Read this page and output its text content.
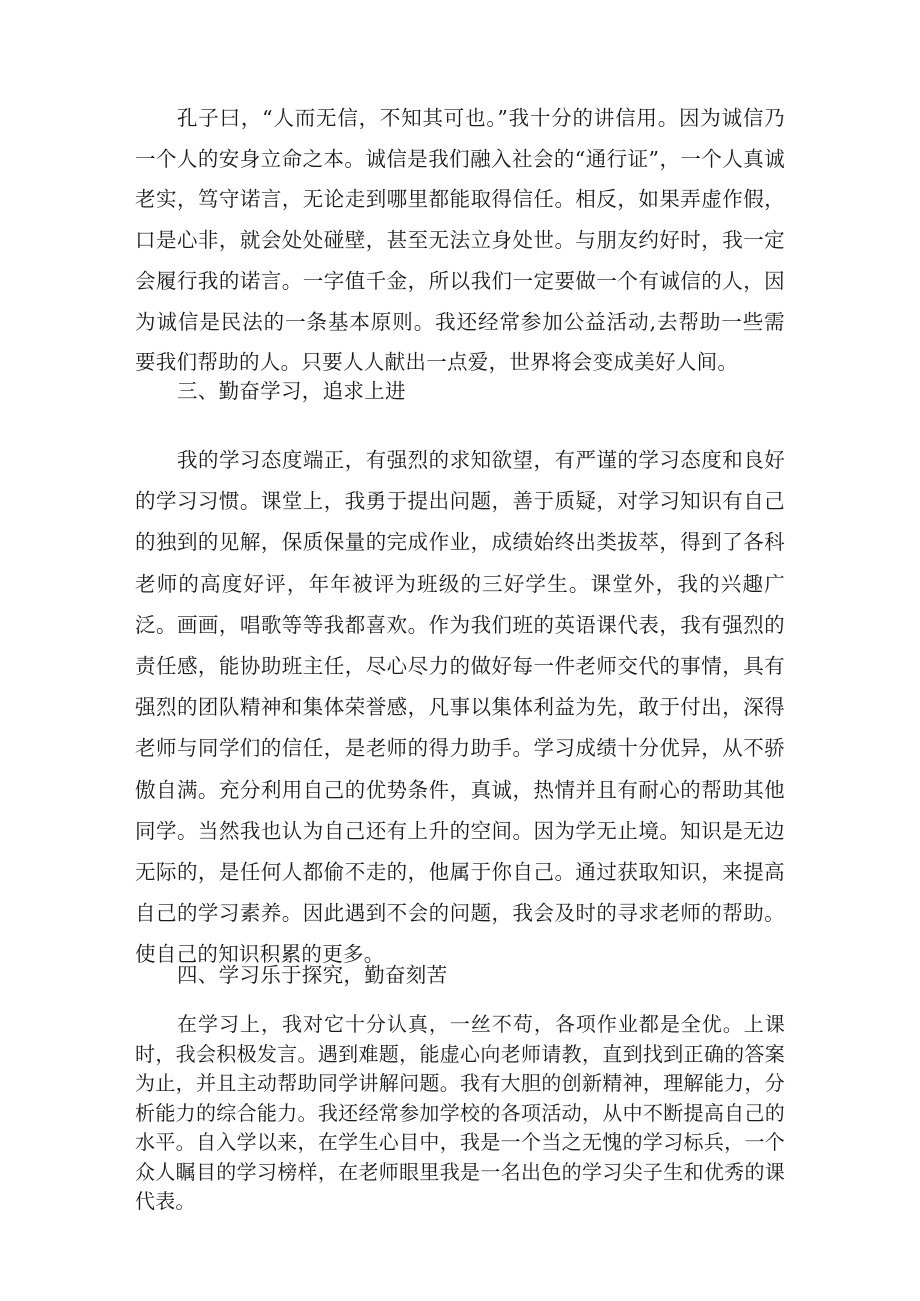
孔子曰，“人而无信，不知其可也。”我十分的讲信用。因为诚信乃一个人的安身立命之本。诚信是我们融入社会的“通行证”，一个人真诚老实，笃守诺言，无论走到哪里都能取得信任。相反，如果弄虚作假，口是心非，就会处处碰壁，甚至无法立身处世。与朋友约好时，我一定会履行我的诺言。一字值千金，所以我们一定要做一个有诚信的人，因为诚信是民法的一条基本原则。我还经常参加公益活动,去帮助一些需要我们帮助的人。只要人人献出一点爱，世界将会变成美好人间。

三、勤奋学习，追求上进

我的学习态度端正，有强烈的求知欲望，有严谨的学习态度和良好的学习习惯。课堂上，我勇于提出问题，善于质疑，对学习知识有自己的独到的见解，保质保量的完成作业，成绩始终出类拔萃，得到了各科老师的高度好评，年年被评为班级的三好学生。课堂外，我的兴趣广泛。画画，唱歌等等我都喜欢。作为我们班的英语课代表，我有强烈的责任感，能协助班主任，尽心尽力的做好每一件老师交代的事情，具有强烈的团队精神和集体荣誉感，凡事以集体利益为先，敢于付出，深得老师与同学们的信任，是老师的得力助手。学习成绩十分优异，从不骄傲自满。充分利用自己的优势条件，真诚，热情并且有耐心的帮助其他同学。当然我也认为自己还有上升的空间。因为学无止境。知识是无边无际的，是任何人都偷不走的，他属于你自己。通过获取知识，来提高自己的学习素养。因此遇到不会的问题，我会及时的寻求老师的帮助。使自己的知识积累的更多。

四、学习乐于探究，勤奋刻苦

在学习上，我对它十分认真，一丝不苟，各项作业都是全优。上课时，我会积极发言。遇到难题，能虚心向老师请教，直到找到正确的答案为止，并且主动帮助同学讲解问题。我有大胆的创新精神，理解能力，分析能力的综合能力。我还经常参加学校的各项活动，从中不断提高自己的水平。自入学以来，在学生心目中，我是一个当之无愧的学习标兵，一个众人瞩目的学习榜样，在老师眼里我是一名出色的学习尖子生和优秀的课代表。
